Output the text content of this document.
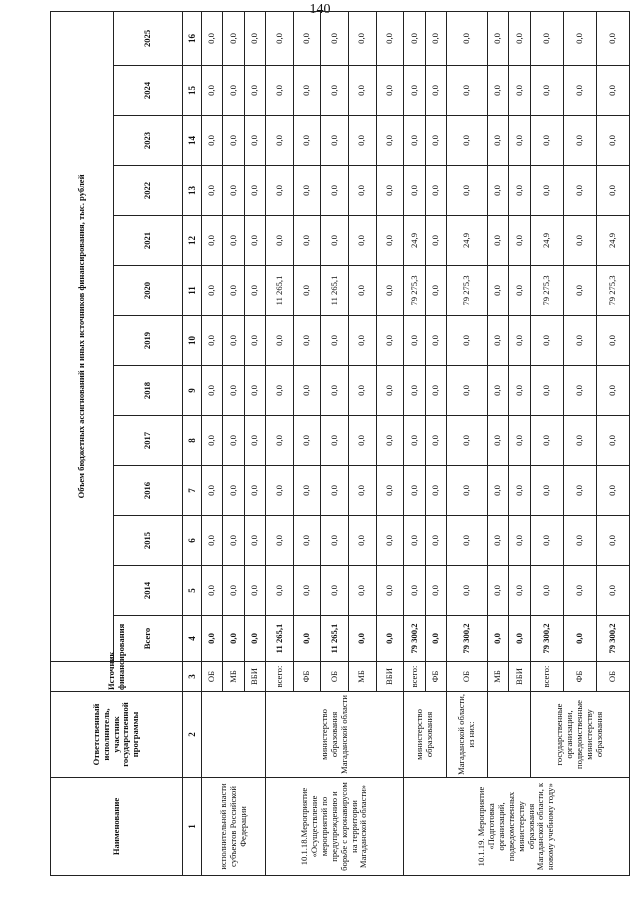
140
Наименование	Ответственный исполнитель, участник государственной программы	Источник финансирования	Объем бюджетных ассигнований и иных источников финансирования, тыс. рублей												
			Всего	2014	2015	2016	2017	2018	2019	2020	2021	2022	2023	2024	2025
1	2	3	4	5	6	7	8	9	10	11	12	13	14	15	16
исполнительной власти субъектов Российской Федерации		ОБ	0,0	0,0	0,0	0,0	0,0	0,0	0,0	0,0	0,0	0,0	0,0	0,0	0,0
		МБ	0,0	0,0	0,0	0,0	0,0	0,0	0,0	0,0	0,0	0,0	0,0	0,0	0,0
		ВБИ	0,0	0,0	0,0	0,0	0,0	0,0	0,0	0,0	0,0	0,0	0,0	0,0	0,0
10.1.18.Мероприятие «Осуществление мероприятий по предупреждению и борьбе с коронавирусом на территории Магаданской области»	министерство образования Магаданской области	всего:	11 265,1	0,0	0,0	0,0	0,0	0,0	0,0	11 265,1	0,0	0,0	0,0	0,0	0,0
		ФБ	0,0	0,0	0,0	0,0	0,0	0,0	0,0	0,0	0,0	0,0	0,0	0,0	0,0
		ОБ	11 265,1	0,0	0,0	0,0	0,0	0,0	0,0	11 265,1	0,0	0,0	0,0	0,0	0,0
		МБ	0,0	0,0	0,0	0,0	0,0	0,0	0,0	0,0	0,0	0,0	0,0	0,0	0,0
		ВБИ	0,0	0,0	0,0	0,0	0,0	0,0	0,0	0,0	0,0	0,0	0,0	0,0	0,0
10.1.19. Мероприятие «Подготовка организаций, подведомственных министерству образования Магаданской области, к новому учебному году»	министерство образования	всего:	79 300,2	0,0	0,0	0,0	0,0	0,0	0,0	79 275,3	24,9	0,0	0,0	0,0	0,0
		ФБ	0,0	0,0	0,0	0,0	0,0	0,0	0,0	0,0	0,0	0,0	0,0	0,0	0,0
	Магаданской области, из них:	ОБ	79 300,2	0,0	0,0	0,0	0,0	0,0	0,0	79 275,3	24,9	0,0	0,0	0,0	0,0
		МБ	0,0	0,0	0,0	0,0	0,0	0,0	0,0	0,0	0,0	0,0	0,0	0,0	0,0
		ВБИ	0,0	0,0	0,0	0,0	0,0	0,0	0,0	0,0	0,0	0,0	0,0	0,0	0,0
	государственные организации, подведомственные министерству образования	всего:	79 300,2	0,0	0,0	0,0	0,0	0,0	0,0	79 275,3	24,9	0,0	0,0	0,0	0,0
		ФБ	0,0	0,0	0,0	0,0	0,0	0,0	0,0	0,0	0,0	0,0	0,0	0,0	0,0
		ОБ	79 300,2	0,0	0,0	0,0	0,0	0,0	0,0	79 275,3	24,9	0,0	0,0	0,0	0,0
